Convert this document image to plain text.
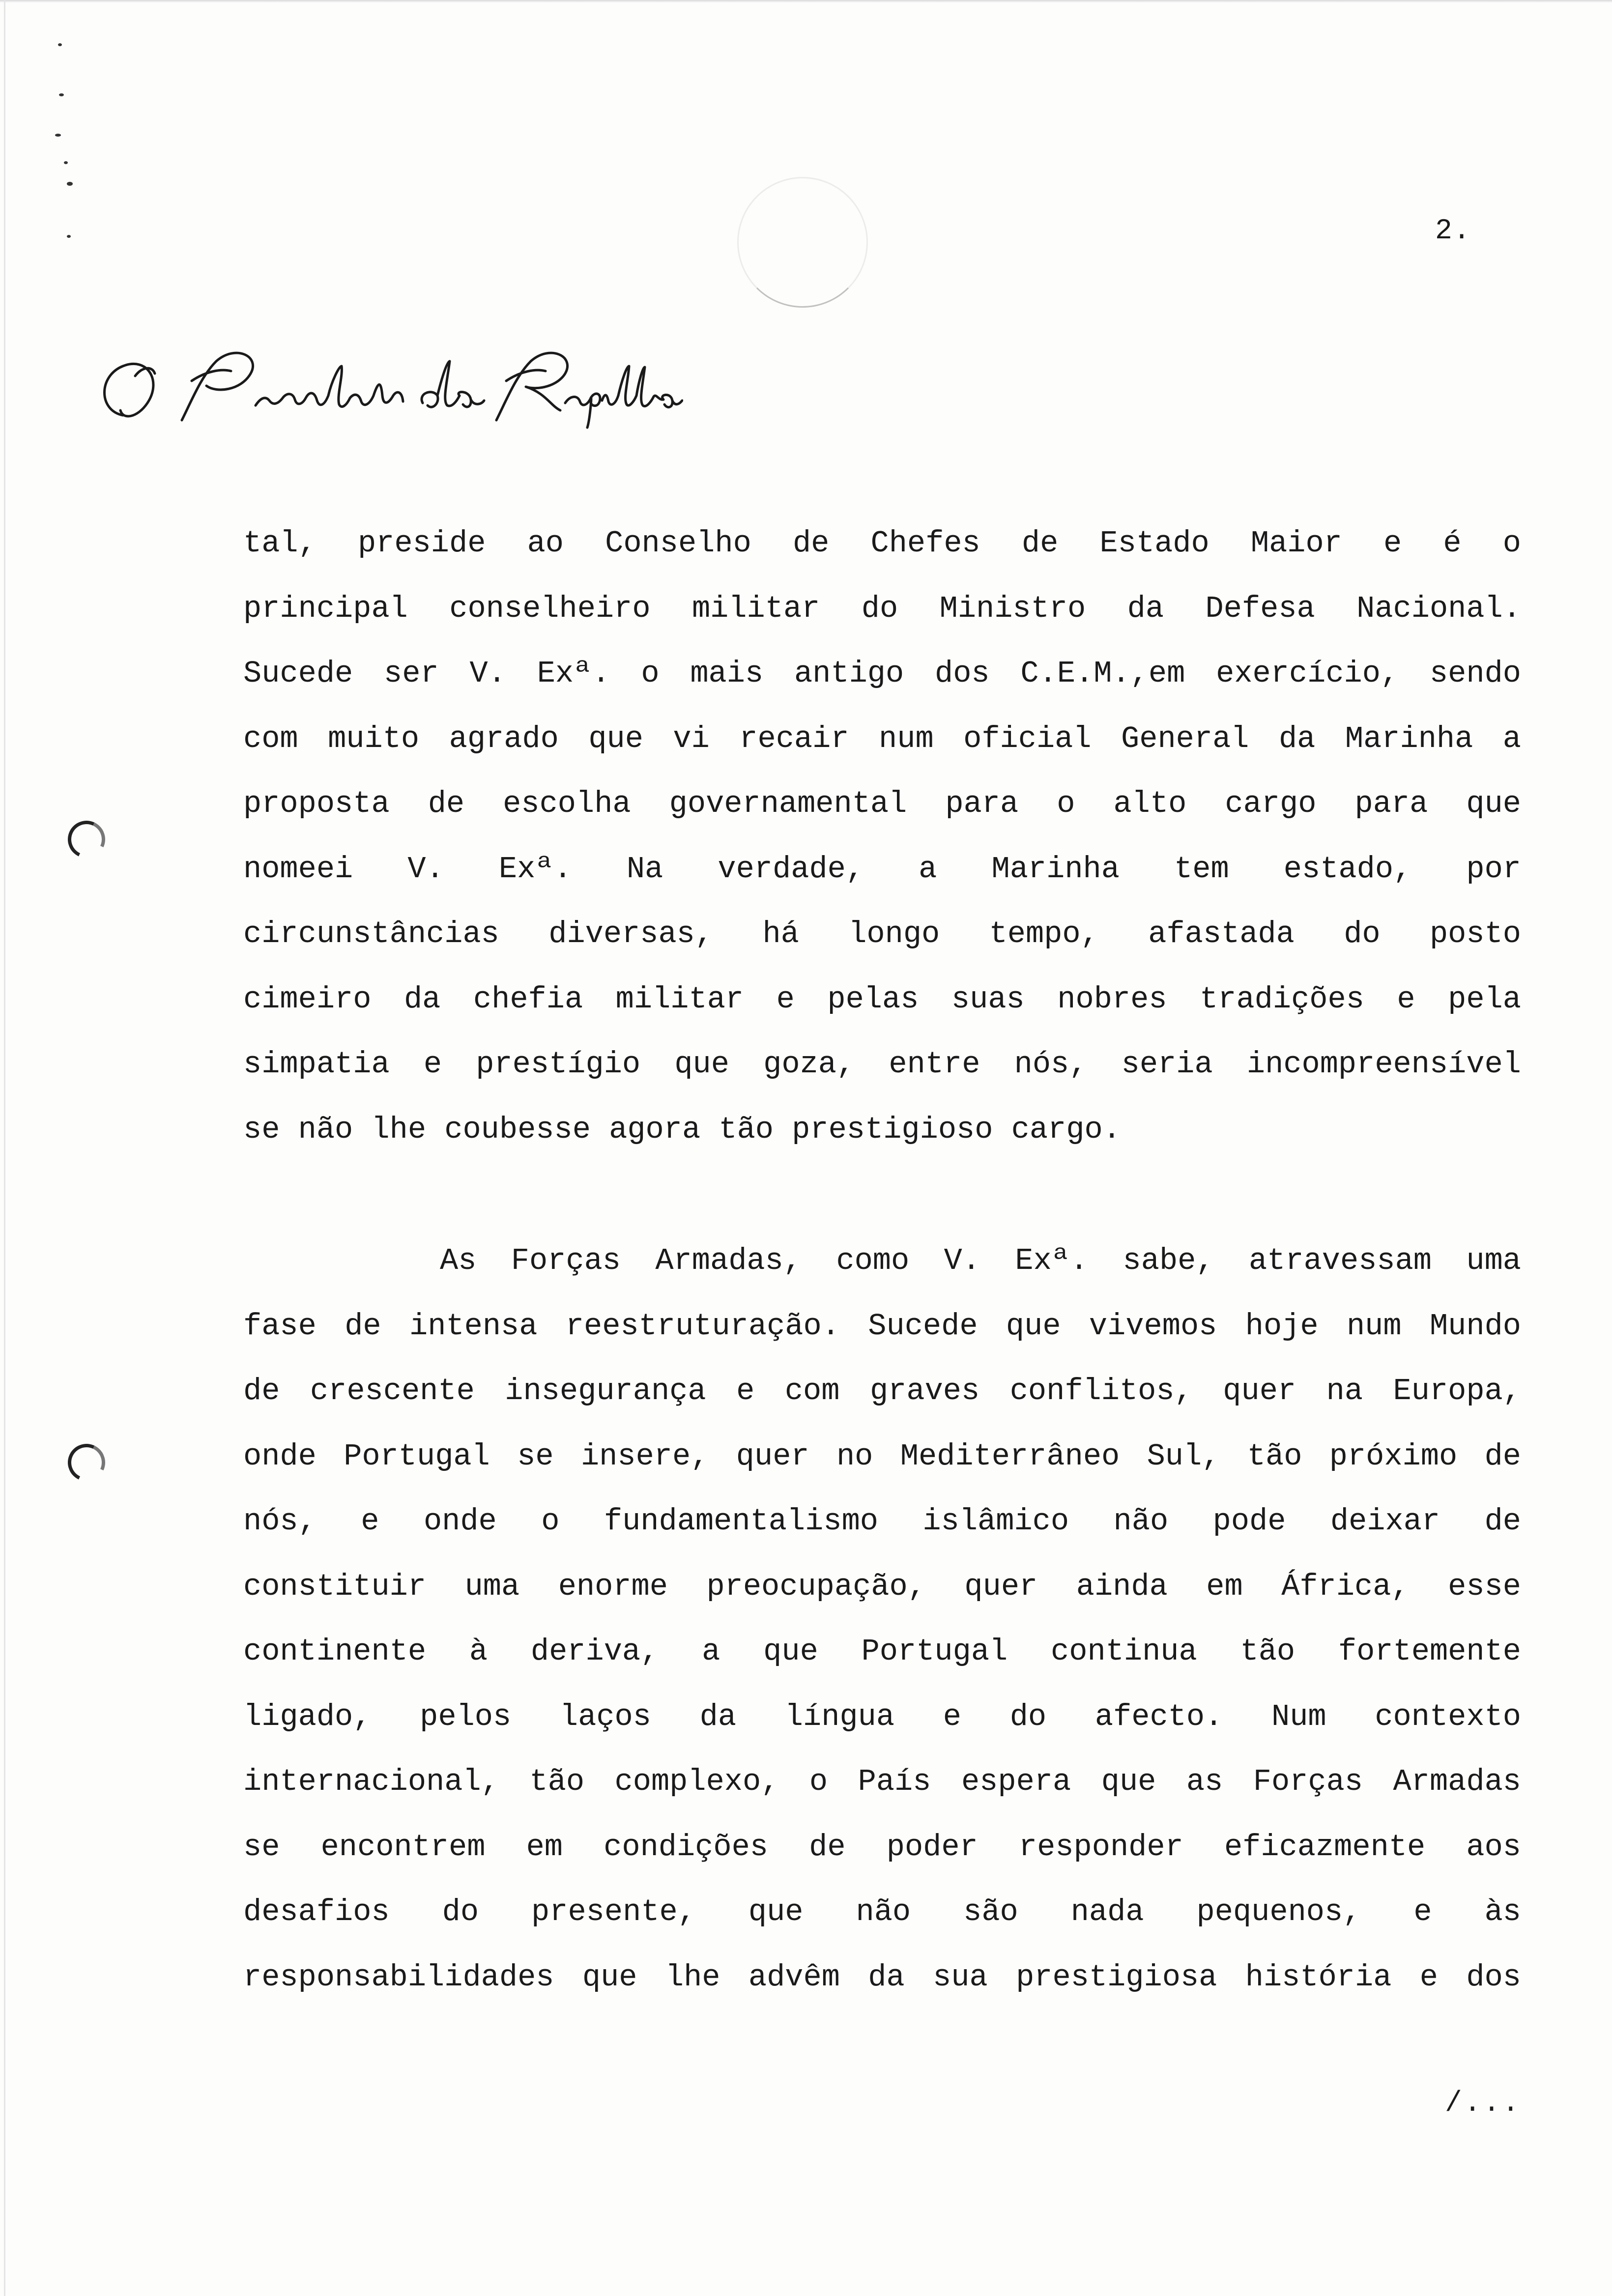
2.
tal, preside ao Conselho de Chefes de Estado Maior e é o
principal conselheiro militar do Ministro da Defesa Nacional.
Sucede ser V. Exª. o mais antigo dos C.E.M.,em exercício, sendo
com muito agrado que vi recair num oficial General da Marinha a
proposta de escolha governamental para o alto cargo para que
nomeei V. Exª. Na verdade, a Marinha tem estado, por
circunstâncias diversas, há longo tempo, afastada do posto
cimeiro da chefia militar e pelas suas nobres tradições e pela
simpatia e prestígio que goza, entre nós, seria incompreensível
se não lhe coubesse agora tão prestigioso cargo.
As Forças Armadas, como V. Exª. sabe, atravessam uma
fase de intensa reestruturação. Sucede que vivemos hoje num Mundo
de crescente insegurança e com graves conflitos, quer na Europa,
onde Portugal se insere, quer no Mediterrâneo Sul, tão próximo de
nós, e onde o fundamentalismo islâmico não pode deixar de
constituir uma enorme preocupação, quer ainda em África, esse
continente à deriva, a que Portugal continua tão fortemente
ligado, pelos laços da língua e do afecto. Num contexto
internacional, tão complexo, o País espera que as Forças Armadas
se encontrem em condições de poder responder eficazmente aos
desafios do presente, que não são nada pequenos, e às
responsabilidades que lhe advêm da sua prestigiosa história e dos
/...
